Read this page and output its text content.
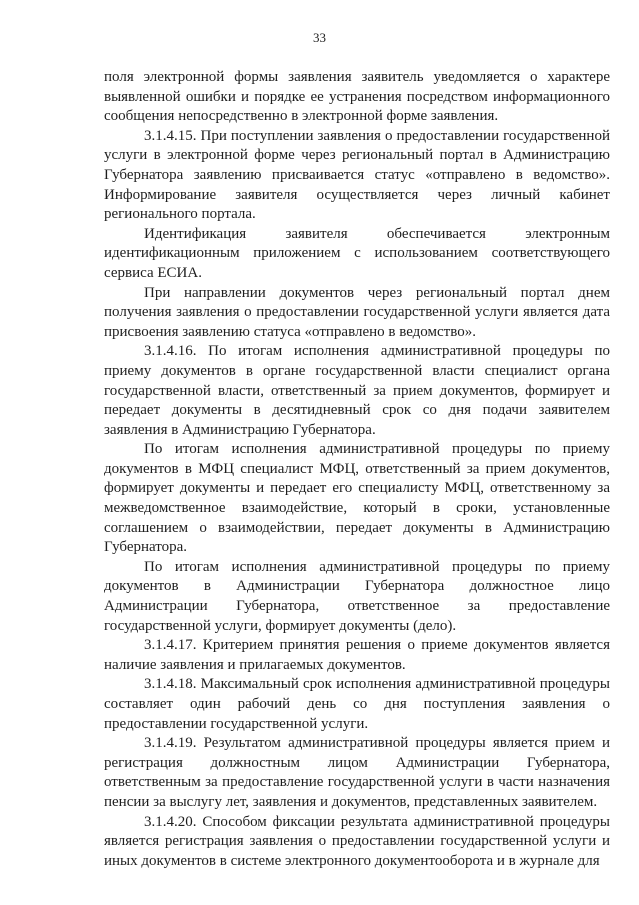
33

поля электронной формы заявления заявитель уведомляется о характере выявленной ошибки и порядке ее устранения посредством информационного сообщения непосредственно в электронной форме заявления.

3.1.4.15. При поступлении заявления о предоставлении государственной услуги в электронной форме через региональный портал в Администрацию Губернатора заявлению присваивается статус «отправлено в ведомство». Информирование заявителя осуществляется через личный кабинет регионального портала.

Идентификация заявителя обеспечивается электронным идентификационным приложением с использованием соответствующего сервиса ЕСИА.

При направлении документов через региональный портал днем получения заявления о предоставлении государственной услуги является дата присвоения заявлению статуса «отправлено в ведомство».

3.1.4.16. По итогам исполнения административной процедуры по приему документов в органе государственной власти специалист органа государственной власти, ответственный за прием документов, формирует и передает документы в десятидневный срок со дня подачи заявителем заявления в Администрацию Губернатора.

По итогам исполнения административной процедуры по приему документов в МФЦ специалист МФЦ, ответственный за прием документов, формирует документы и передает его специалисту МФЦ, ответственному за межведомственное взаимодействие, который в сроки, установленные соглашением о взаимодействии, передает документы в Администрацию Губернатора.

По итогам исполнения административной процедуры по приему документов в Администрации Губернатора должностное лицо Администрации Губернатора, ответственное за предоставление государственной услуги, формирует документы (дело).

3.1.4.17. Критерием принятия решения о приеме документов является наличие заявления и прилагаемых документов.

3.1.4.18. Максимальный срок исполнения административной процедуры составляет один рабочий день со дня поступления заявления о предоставлении государственной услуги.

3.1.4.19. Результатом административной процедуры является прием и регистрация должностным лицом Администрации Губернатора, ответственным за предоставление государственной услуги в части назначения пенсии за выслугу лет, заявления и документов, представленных заявителем.

3.1.4.20. Способом фиксации результата административной процедуры является регистрация заявления о предоставлении государственной услуги и иных документов в системе электронного документооборота и в журнале для
